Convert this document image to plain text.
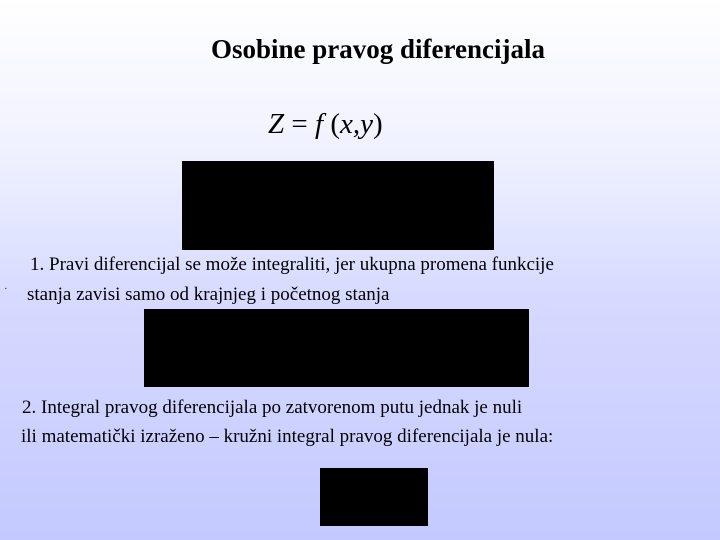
Osobine pravog diferencijala
Z = f (x,y)
1. Pravi diferencijal se može integraliti, jer ukupna promena funkcije
· stanja zavisi samo od krajnjeg i početnog stanja
2. Integral pravog diferencijala po zatvorenom putu jednak je nuli
ili matematički izraženo – kružni integral pravog diferencijala je nula:
